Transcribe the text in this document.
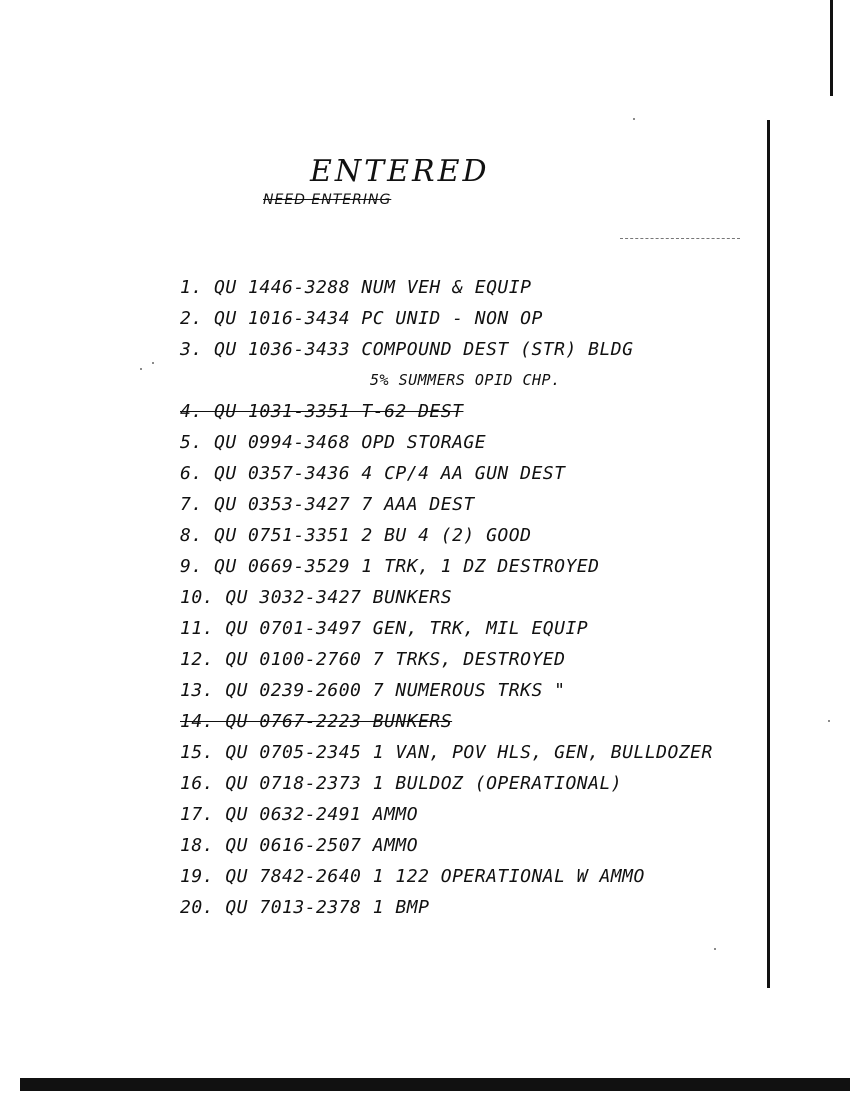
ENTERED
NEED ENTERING
1. QU 1446-3288 NUM VEH & EQUIP
2. QU 1016-3434 PC UNID - NON OP
3. QU 1036-3433 COMPOUND DEST (STR) BLDG
5% SUMMERS OPID CHP.
4. QU 1031-3351 T-62 DEST
5. QU 0994-3468 OPD STORAGE
6. QU 0357-3436 4 CP/4 AA GUN DEST
7. QU 0353-3427 7 AAA DEST
8. QU 0751-3351 2 BU 4 (2) GOOD
9. QU 0669-3529 1 TRK, 1 DZ DESTROYED
10. QU 3032-3427 BUNKERS
11. QU 0701-3497 GEN, TRK, MIL EQUIP
12. QU 0100-2760 7 TRKS, DESTROYED
13. QU 0239-2600 7 NUMEROUS TRKS "
14. QU 0767-2223 BUNKERS
15. QU 0705-2345 1 VAN, POV HLS, GEN, BULLDOZER
16. QU 0718-2373 1 BULDOZ (OPERATIONAL)
17. QU 0632-2491 AMMO
18. QU 0616-2507 AMMO
19. QU 7842-2640 1 122 OPERATIONAL W AMMO
20. QU 7013-2378 1 BMP
